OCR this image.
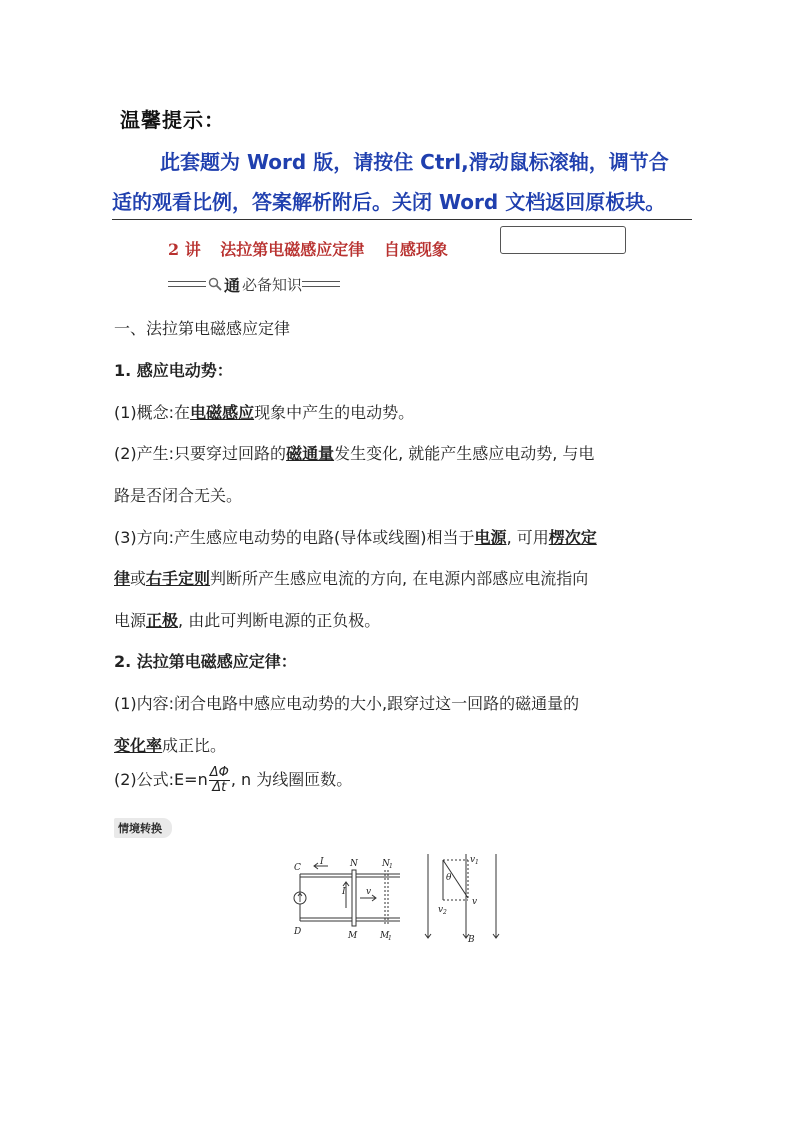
温馨提示：
此套题为 Word 版，请按住 Ctrl,滑动鼠标滚轴，调节合
适的观看比例，答案解析附后。关闭 Word 文档返回原板块。
2 讲 法拉第电磁感应定律 自感现象
通 必备知识
一、法拉第电磁感应定律
1. 感应电动势：
(1)概念:在电磁感应现象中产生的电动势。
(2)产生:只要穿过回路的磁通量发生变化, 就能产生感应电动势, 与电
路是否闭合无关。
(3)方向:产生感应电动势的电路(导体或线圈)相当于电源, 可用楞次定
律或右手定则判断所产生感应电流的方向, 在电源内部感应电流指向
电源正极, 由此可判断电源的正负极。
2. 法拉第电磁感应定律：
(1)内容:闭合电路中感应电动势的大小,跟穿过这一回路的磁通量的
变化率成正比。
(2)公式:E=n $\frac{\Delta\Phi}{\Delta t}$ , n 为线圈匝数。
情境转换
C
D
I	N
M
N 1
M
1
I v
v 1
v 2
θ
v
B
